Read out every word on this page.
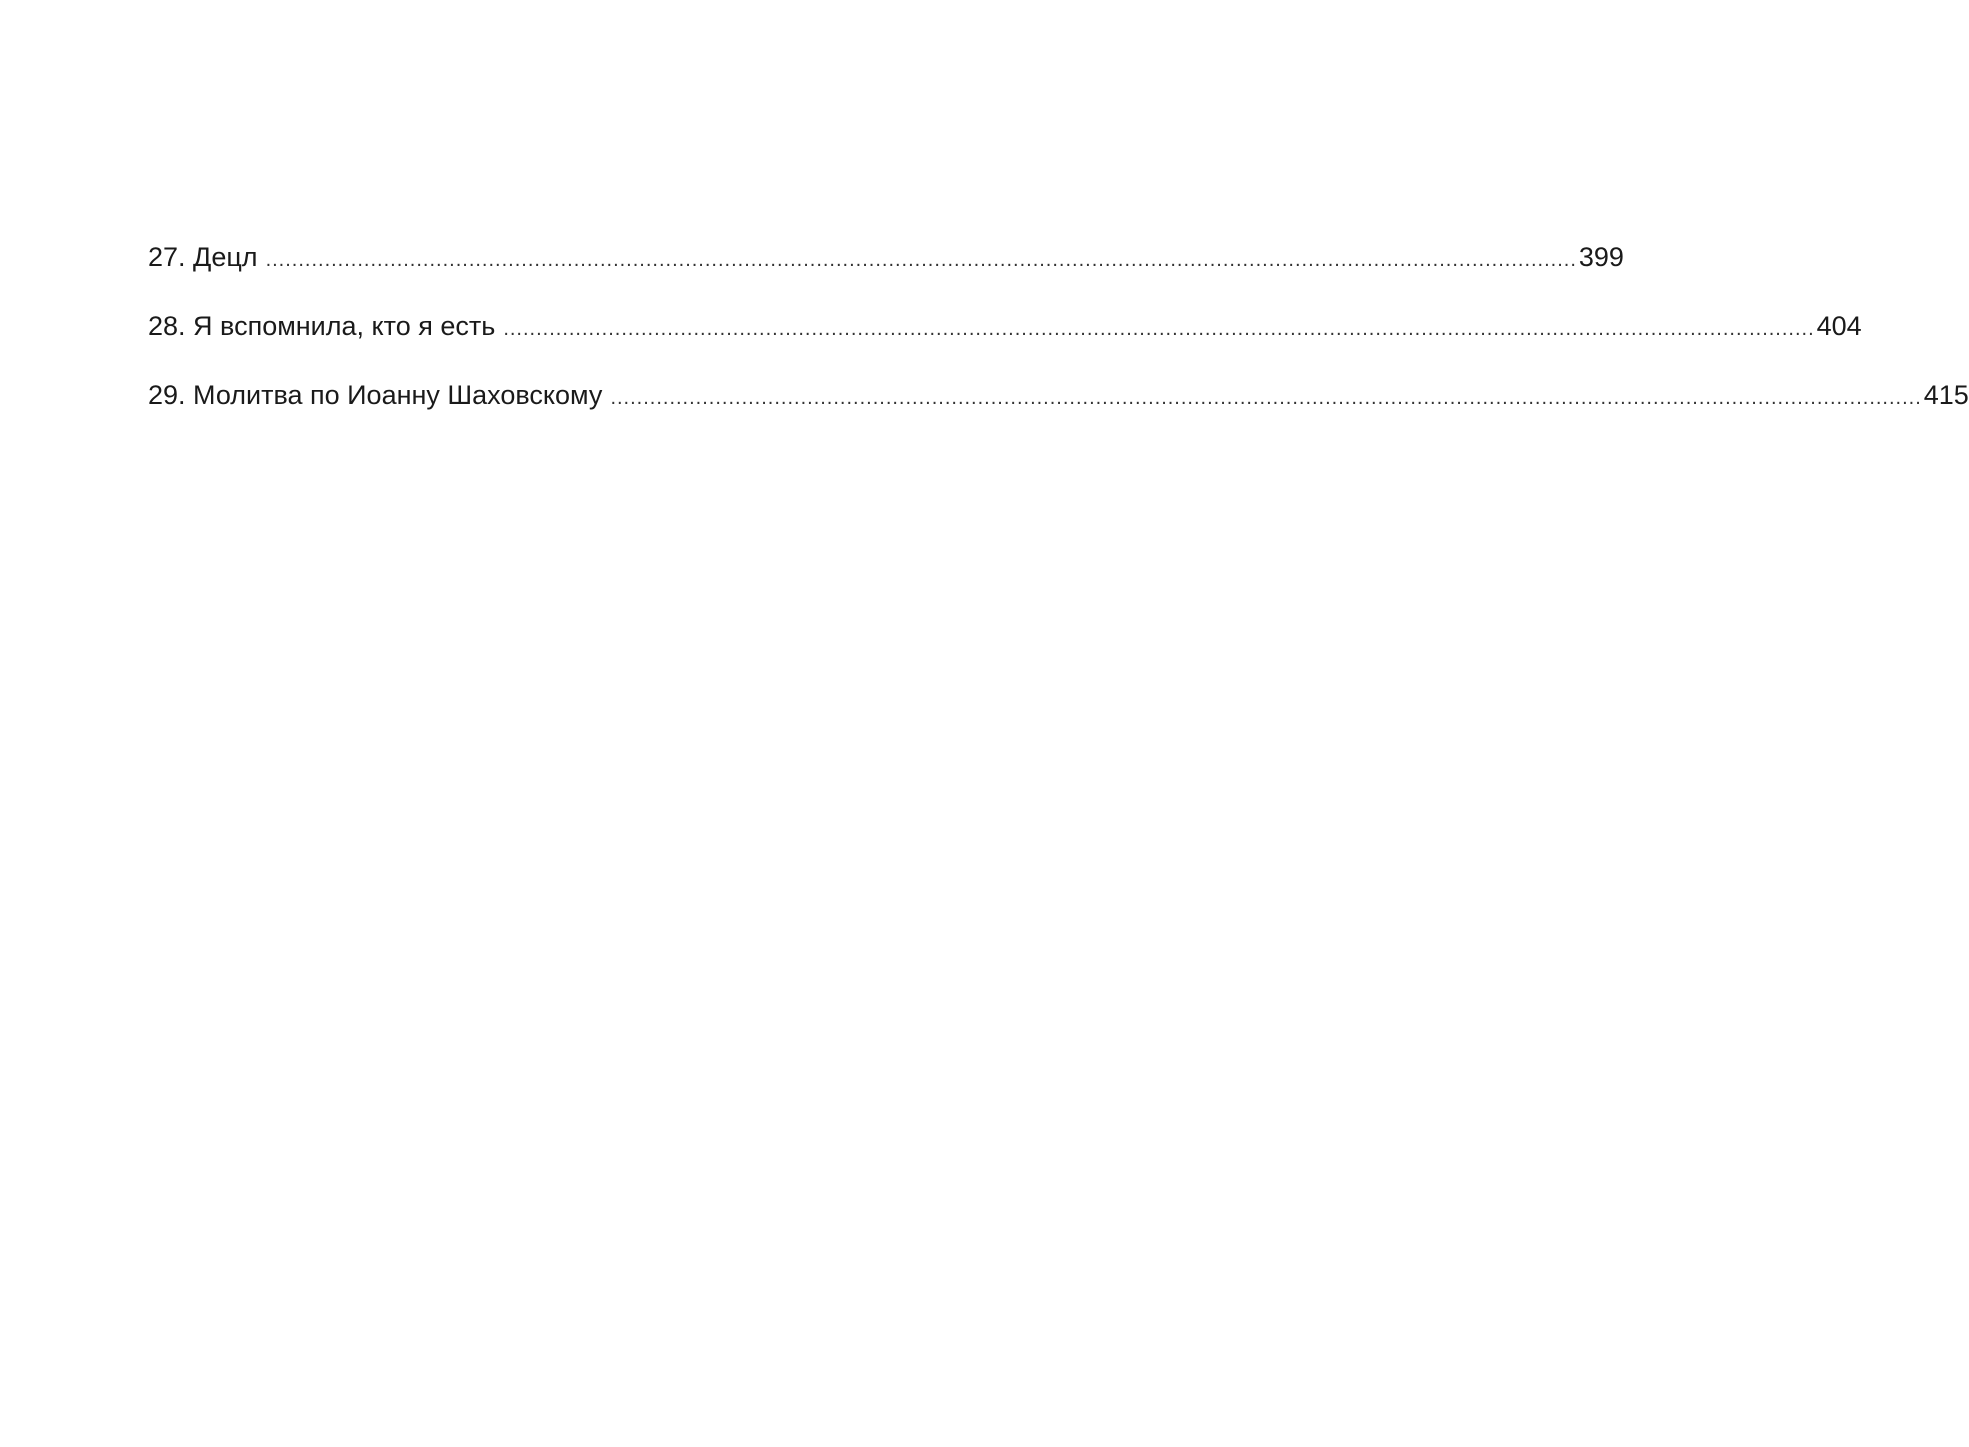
27. Децл ........................................................................................................................................................................................................ 399
28. Я вспомнила, кто я есть ........................................................................................................................................................................................................ 404
29. Молитва по Иоанну Шаховскому ........................................................................................................................................................................................................ 415
